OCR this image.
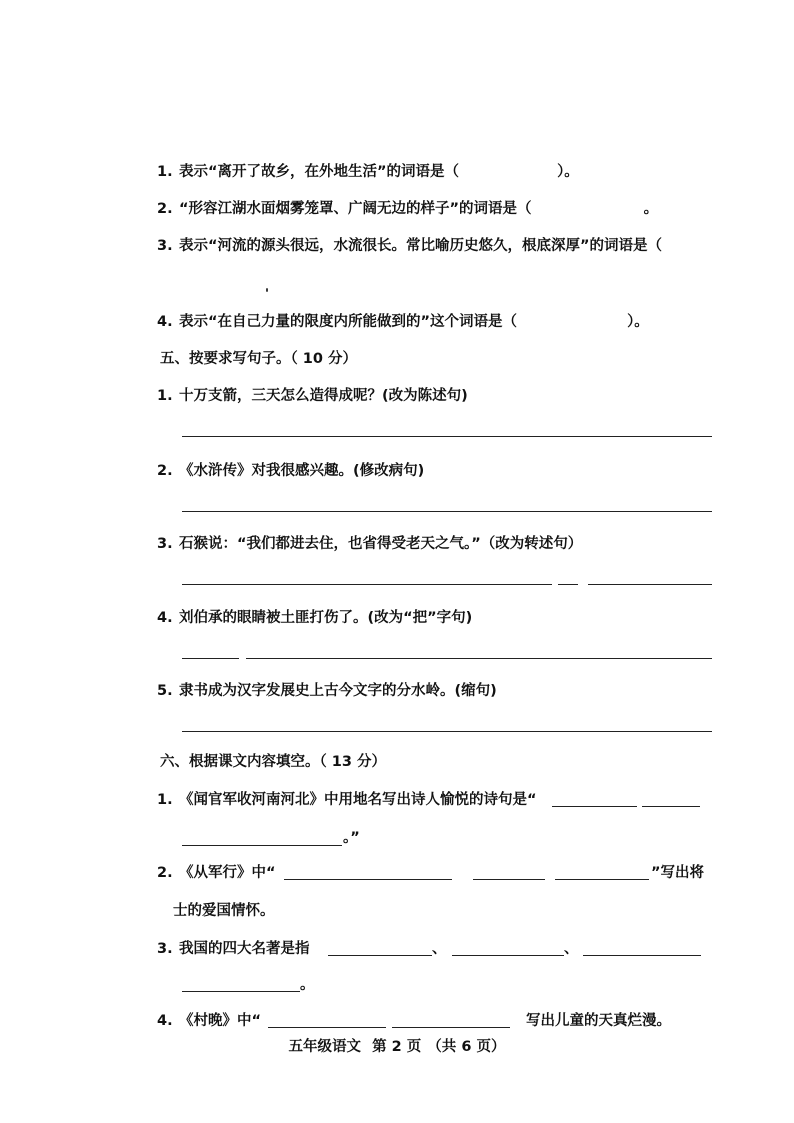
1. 表示“离开了故乡，在外地生活”的词语是（	）。
2. “形容江湖水面烟雾笼罩、广阔无边的样子”的词语是（	。
3. 表示“河流的源头很远，水流很长。常比喻历史悠久，根底深厚”的词语是（
4. 表示“在自己力量的限度内所能做到的”这个词语是（	）。
五、按要求写句子。（ 10 分）
1. 十万支箭，三天怎么造得成呢？(改为陈述句)
2. 《水浒传》对我很感兴趣。(修改病句)
3. 石猴说：“我们都进去住，也省得受老天之气。”（改为转述句）
4. 刘伯承的眼睛被土匪打伤了。(改为“把”字句)
5. 隶书成为汉字发展史上古今文字的分水岭。(缩句)
六、根据课文内容填空。（ 13 分）
1. 《闻官军收河南河北》中用地名写出诗人愉悦的诗句是“
。”
2. 《从军行》中“	”写出将
士的爱国情怀。
3. 我国的四大名著是指	、	、
。
4. 《村晚》中“	写出儿童的天真烂漫。
五年级语文 第 2 页 （共 6 页）
